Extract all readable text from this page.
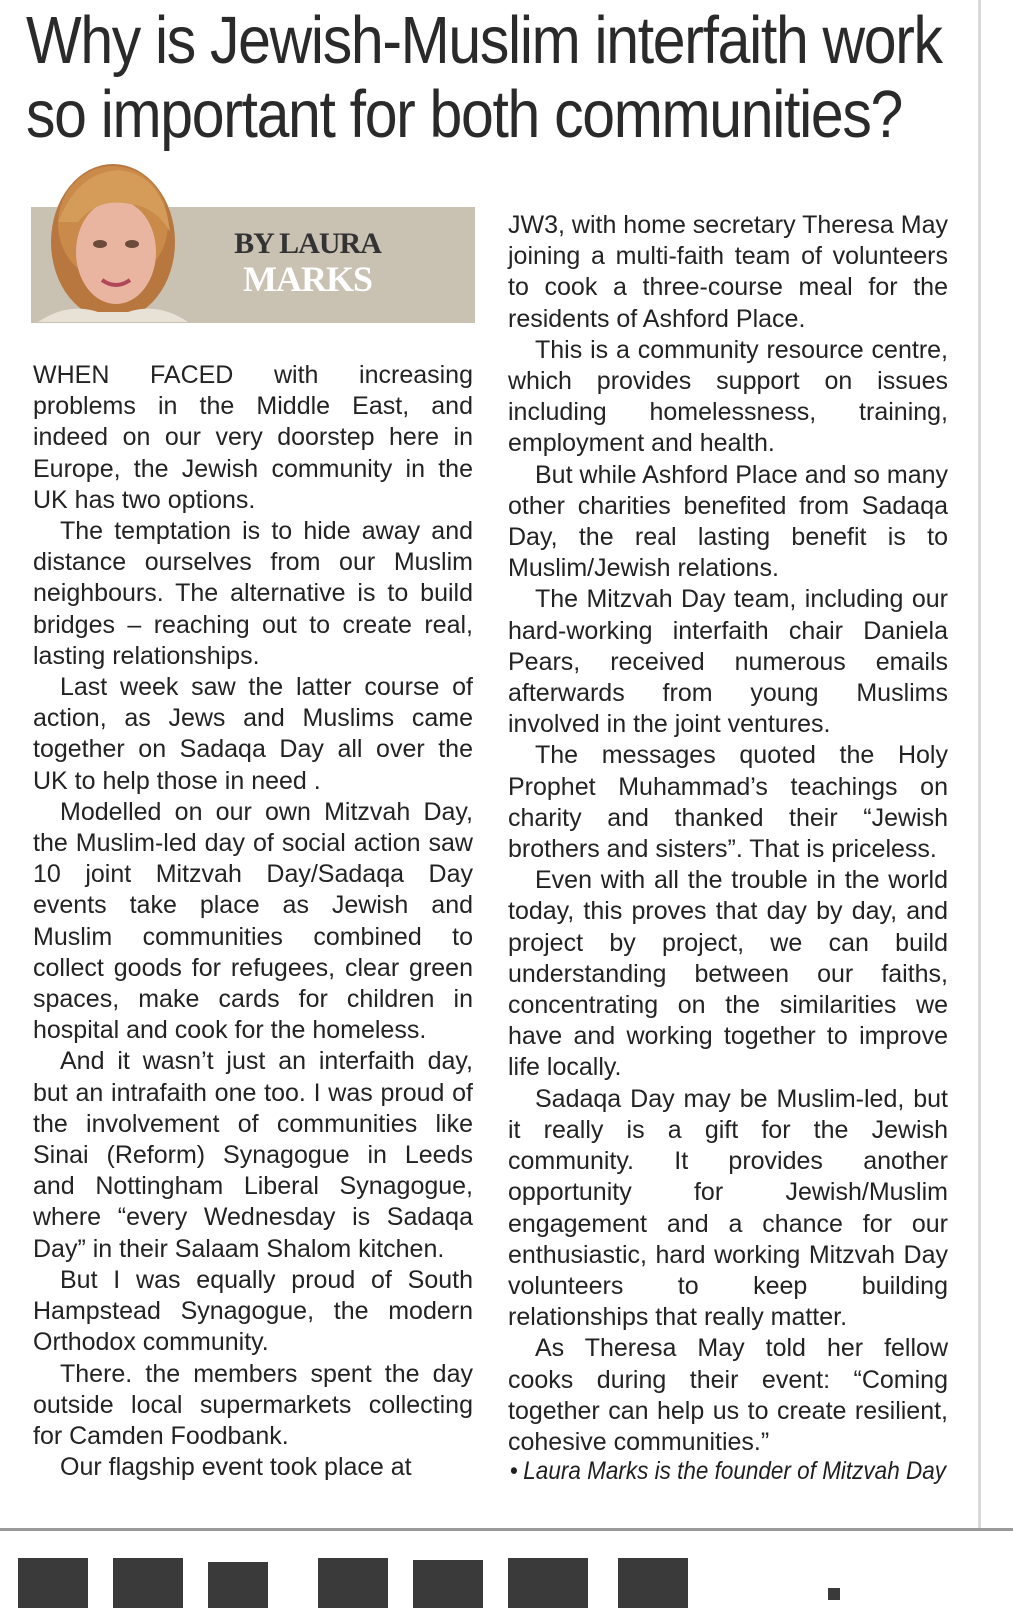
Why is Jewish-Muslim interfaith work so important for both communities?
BY LAURA
MARKS

WHEN FACED with increasing problems in the Middle East, and indeed on our very doorstep here in Europe, the Jewish community in the UK has two options.

The temptation is to hide away and distance ourselves from our Muslim neighbours. The alternative is to build bridges – reaching out to create real, lasting relationships.

Last week saw the latter course of action, as Jews and Muslims came together on Sadaqa Day all over the UK to help those in need .

Modelled on our own Mitzvah Day, the Muslim-led day of social action saw 10 joint Mitzvah Day/Sadaqa Day events take place as Jewish and Muslim communities combined to collect goods for refugees, clear green spaces, make cards for children in hospital and cook for the homeless.

And it wasn’t just an interfaith day, but an intrafaith one too. I was proud of the involvement of communities like Sinai (Reform) Synagogue in Leeds and Nottingham Liberal Synagogue, where “every Wednesday is Sadaqa Day” in their Salaam Shalom kitchen.

But I was equally proud of South Hampstead Synagogue, the modern Orthodox community.

There. the members spent the day outside local supermarkets collecting for Camden Foodbank.

Our flagship event took place at

JW3, with home secretary Theresa May joining a multi-faith team of volunteers to cook a three-course meal for the residents of Ashford Place.

This is a community resource centre, which provides support on issues including homelessness, training, employment and health.

But while Ashford Place and so many other charities benefited from Sadaqa Day, the real lasting benefit is to Muslim/Jewish relations.

The Mitzvah Day team, including our hard-working interfaith chair Daniela Pears, received numerous emails afterwards from young Muslims involved in the joint ventures.

The messages quoted the Holy Prophet Muhammad’s teachings on charity and thanked their “Jewish brothers and sisters”. That is priceless.

Even with all the trouble in the world today, this proves that day by day, and project by project, we can build understanding between our faiths, concentrating on the similarities we have and working together to improve life locally.

Sadaqa Day may be Muslim-led, but it really is a gift for the Jewish community. It provides another opportunity for Jewish/Muslim engagement and a chance for our enthusiastic, hard working Mitzvah Day volunteers to keep building relationships that really matter.

As Theresa May told her fellow cooks during their event: “Coming together can help us to create resilient, cohesive communities.”

• Laura Marks is the founder of Mitzvah Day
